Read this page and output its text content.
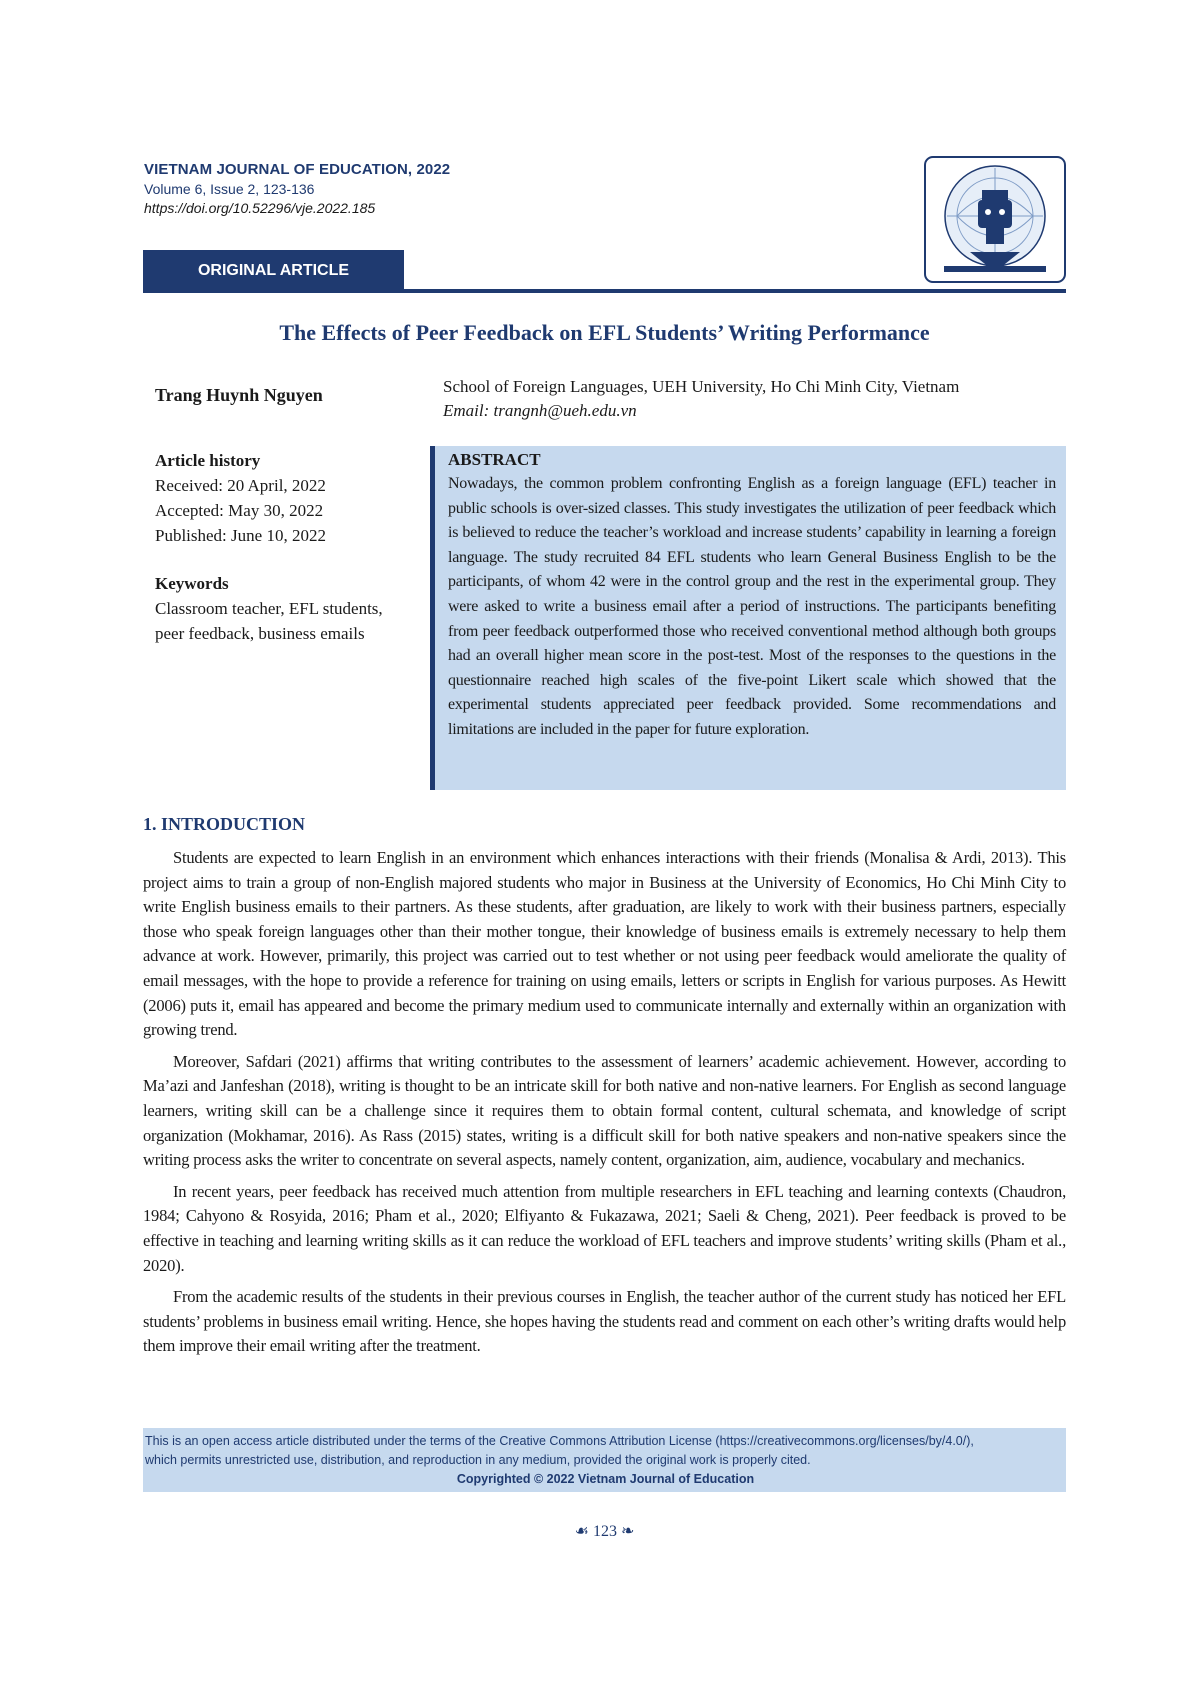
VIETNAM JOURNAL OF EDUCATION, 2022
Volume 6, Issue 2, 123-136
https://doi.org/10.52296/vje.2022.185
ORIGINAL ARTICLE
The Effects of Peer Feedback on EFL Students’ Writing Performance
Trang Huynh Nguyen	School of Foreign Languages, UEH University, Ho Chi Minh City, Vietnam
Email: trangnh@ueh.edu.vn
Article history
Received: 20 April, 2022
Accepted: May 30, 2022
Published: June 10, 2022
Keywords
Classroom teacher, EFL students, peer feedback, business emails
ABSTRACT
Nowadays, the common problem confronting English as a foreign language (EFL) teacher in public schools is over-sized classes. This study investigates the utilization of peer feedback which is believed to reduce the teacher’s workload and increase students’ capability in learning a foreign language. The study recruited 84 EFL students who learn General Business English to be the participants, of whom 42 were in the control group and the rest in the experimental group. They were asked to write a business email after a period of instructions. The participants benefiting from peer feedback outperformed those who received conventional method although both groups had an overall higher mean score in the post-test. Most of the responses to the questions in the questionnaire reached high scales of the five-point Likert scale which showed that the experimental students appreciated peer feedback provided. Some recommendations and limitations are included in the paper for future exploration.
1. INTRODUCTION

Students are expected to learn English in an environment which enhances interactions with their friends (Monalisa & Ardi, 2013). This project aims to train a group of non-English majored students who major in Business at the University of Economics, Ho Chi Minh City to write English business emails to their partners. As these students, after graduation, are likely to work with their business partners, especially those who speak foreign languages other than their mother tongue, their knowledge of business emails is extremely necessary to help them advance at work. However, primarily, this project was carried out to test whether or not using peer feedback would ameliorate the quality of email messages, with the hope to provide a reference for training on using emails, letters or scripts in English for various purposes. As Hewitt (2006) puts it, email has appeared and become the primary medium used to communicate internally and externally within an organization with growing trend.

Moreover, Safdari (2021) affirms that writing contributes to the assessment of learners’ academic achievement. However, according to Ma’azi and Janfeshan (2018), writing is thought to be an intricate skill for both native and non-native learners. For English as second language learners, writing skill can be a challenge since it requires them to obtain formal content, cultural schemata, and knowledge of script organization (Mokhamar, 2016). As Rass (2015) states, writing is a difficult skill for both native speakers and non-native speakers since the writing process asks the writer to concentrate on several aspects, namely content, organization, aim, audience, vocabulary and mechanics.

In recent years, peer feedback has received much attention from multiple researchers in EFL teaching and learning contexts (Chaudron, 1984; Cahyono & Rosyida, 2016; Pham et al., 2020; Elfiyanto & Fukazawa, 2021; Saeli & Cheng, 2021). Peer feedback is proved to be effective in teaching and learning writing skills as it can reduce the workload of EFL teachers and improve students’ writing skills (Pham et al., 2020).

From the academic results of the students in their previous courses in English, the teacher author of the current study has noticed her EFL students’ problems in business email writing. Hence, she hopes having the students read and comment on each other’s writing drafts would help them improve their email writing after the treatment.

This is an open access article distributed under the terms of the Creative Commons Attribution License (https://creativecommons.org/licenses/by/4.0/),
which permits unrestricted use, distribution, and reproduction in any medium, provided the original work is properly cited.
Copyrighted © 2022 Vietnam Journal of Education
☙ 123 ❧
